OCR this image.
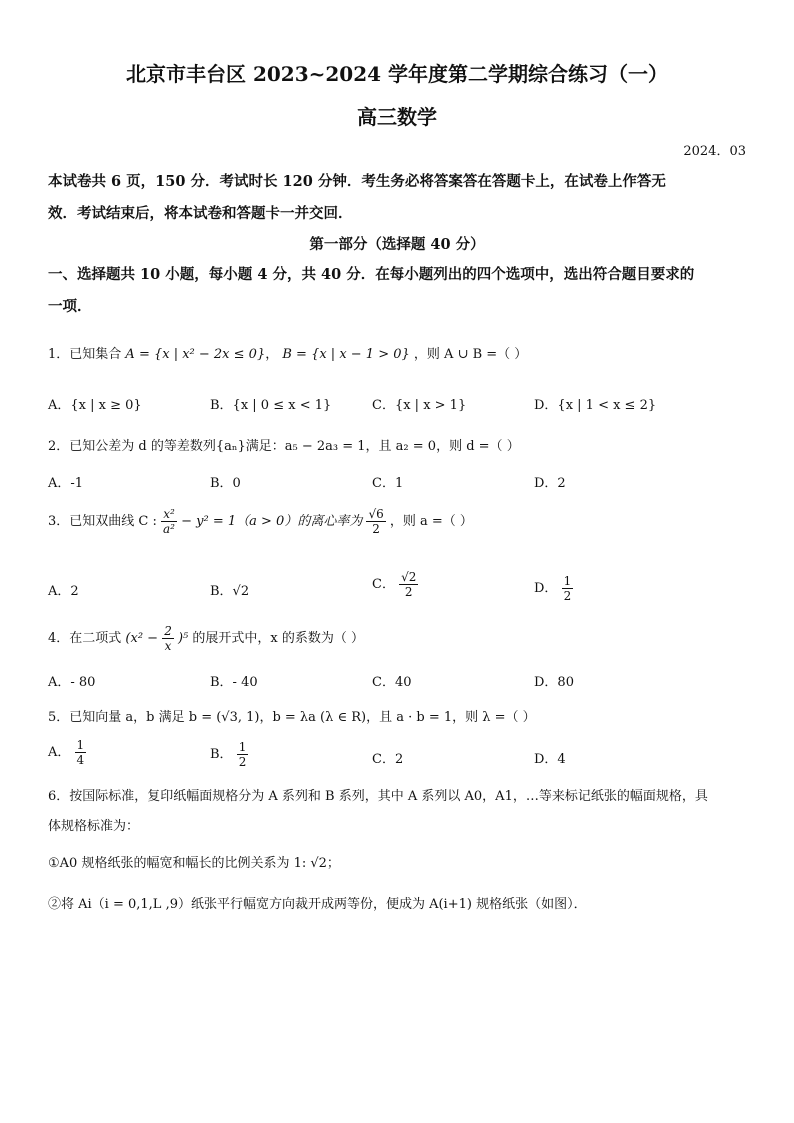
北京市丰台区 2023~2024 学年度第二学期综合练习（一）
高三数学
2024．03
本试卷共 6 页，150 分．考试时长 120 分钟．考生务必将答案答在答题卡上，在试卷上作答无
效．考试结束后，将本试卷和答题卡一并交回．
第一部分（选择题 40 分）
一、选择题共 10 小题，每小题 4 分，共 40 分．在每小题列出的四个选项中，选出符合题目要求的
一项．
1．已知集合 A = {x | x² − 2x ≤ 0}， B = {x | x − 1 > 0} ，则 A ∪ B =（ ）
A．{x | x ≥ 0}	B．{x | 0 ≤ x < 1}	C．{x | x > 1}	D．{x | 1 < x ≤ 2}
2．已知公差为 d 的等差数列{aₙ}满足：a₅ − 2a₃ = 1，且 a₂ = 0，则 d =（ ）
A．-1	B．0	C．1	D．2
3．已知双曲线 C : $\frac{\text{x²}}{\text{a²}} - y^2 = 1(a > 0)$的离心率为 $\frac{√6}{2}$ ，则 a =（ ）
A．2	B．√2	C． $\frac{√2}{2}$	D． $\frac{1}{2}$
4．在二项式 $(x^2 - \frac{2}{x} )^5$ 的展开式中，x 的系数为（ ）
A．- 80	B．- 40	C．40	D．80
5．已知向量 a，b 满足 b = (√3, 1)，b = λa (λ ∈ R)，且 a · b = 1，则 λ =（ ）
A． $\frac{1}{4}$	B． $\frac{1}{2}$	C．2	D．4
6．按国际标准，复印纸幅面规格分为 A 系列和 B 系列，其中 A 系列以 A0，A1，…等来标记纸张的幅面规格，具
体规格标准为：
①A0 规格纸张的幅宽和幅长的比例关系为 1: √2；
②将 Ai（i = 0,1,L ,9）纸张平行幅宽方向裁开成两等份，便成为 A(i+1) 规格纸张（如图）．
